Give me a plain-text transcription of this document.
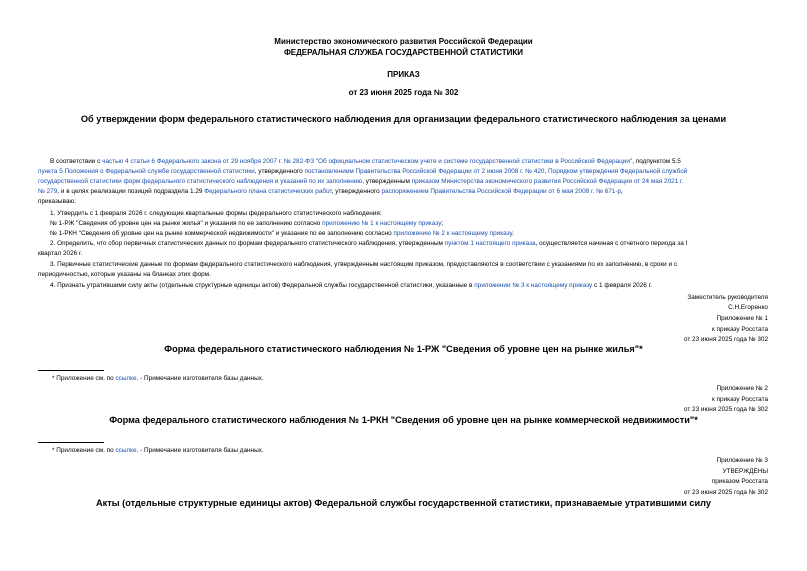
Министерство экономического развития Российской Федерации
ФЕДЕРАЛЬНАЯ СЛУЖБА ГОСУДАРСТВЕННОЙ СТАТИСТИКИ
ПРИКАЗ
от 23 июня 2025 года № 302
Об утверждении форм федерального статистического наблюдения для организации федерального статистического наблюдения за ценами
В соответствии с частью 4 статьи 6 Федерального закона от 29 ноября 2007 г. № 282-ФЗ "Об официальном статистическом учете и системе государственной статистики в Российской Федерации", подпунктом 5.5
пункта 5 Положения о Федеральной службе государственной статистики, утвержденного постановлением Правительства Российской Федерации от 2 июня 2008 г. № 420, Порядком утверждения Федеральной службой
государственной статистики форм федерального статистического наблюдения и указаний по их заполнению, утвержденным приказом Министерства экономического развития Российской Федерации от 24 мая 2021 г.
№ 279, и в целях реализации позиций подраздела 1.29 Федерального плана статистических работ, утвержденного распоряжением Правительства Российской Федерации от 6 мая 2008 г. № 671-р,
приказываю:
1. Утвердить с 1 февраля 2026 г. следующие квартальные формы федерального статистического наблюдения:
№ 1-РЖ "Сведения об уровне цен на рынке жилья" и указания по ее заполнению согласно приложению № 1 к настоящему приказу;
№ 1-РКН "Сведения об уровне цен на рынке коммерческой недвижимости" и указания по ее заполнению согласно приложению № 2 к настоящему приказу.
2. Определить, что сбор первичных статистических данных по формам федерального статистического наблюдения, утвержденным пунктом 1 настоящего приказа, осуществляется начиная с отчетного периода за I
квартал 2026 г.
3. Первичные статистические данные по формам федерального статистического наблюдения, утвержденным настоящим приказом, предоставляются в соответствии с указаниями по их заполнению, в сроки и с
периодичностью, которые указаны на бланках этих форм.
4. Признать утратившими силу акты (отдельные структурные единицы актов) Федеральной службы государственной статистики, указанные в приложении № 3 к настоящему приказу с 1 февраля 2026 г.
Заместитель руководителя
С.Н.Егоренко
Приложение № 1
к приказу Росстата
от 23 июня 2025 года № 302
Форма федерального статистического наблюдения № 1-РЖ "Сведения об уровне цен на рынке жилья"*
* Приложение см. по ссылке. - Примечание изготовителя базы данных.
Приложение № 2
к приказу Росстата
от 23 июня 2025 года № 302
Форма федерального статистического наблюдения № 1-РКН "Сведения об уровне цен на рынке коммерческой недвижимости"*
* Приложение см. по ссылке. - Примечание изготовителя базы данных.
Приложение № 3
УТВЕРЖДЕНЫ
приказом Росстата
от 23 июня 2025 года № 302
Акты (отдельные структурные единицы актов) Федеральной службы государственной статистики, признаваемые утратившими силу
